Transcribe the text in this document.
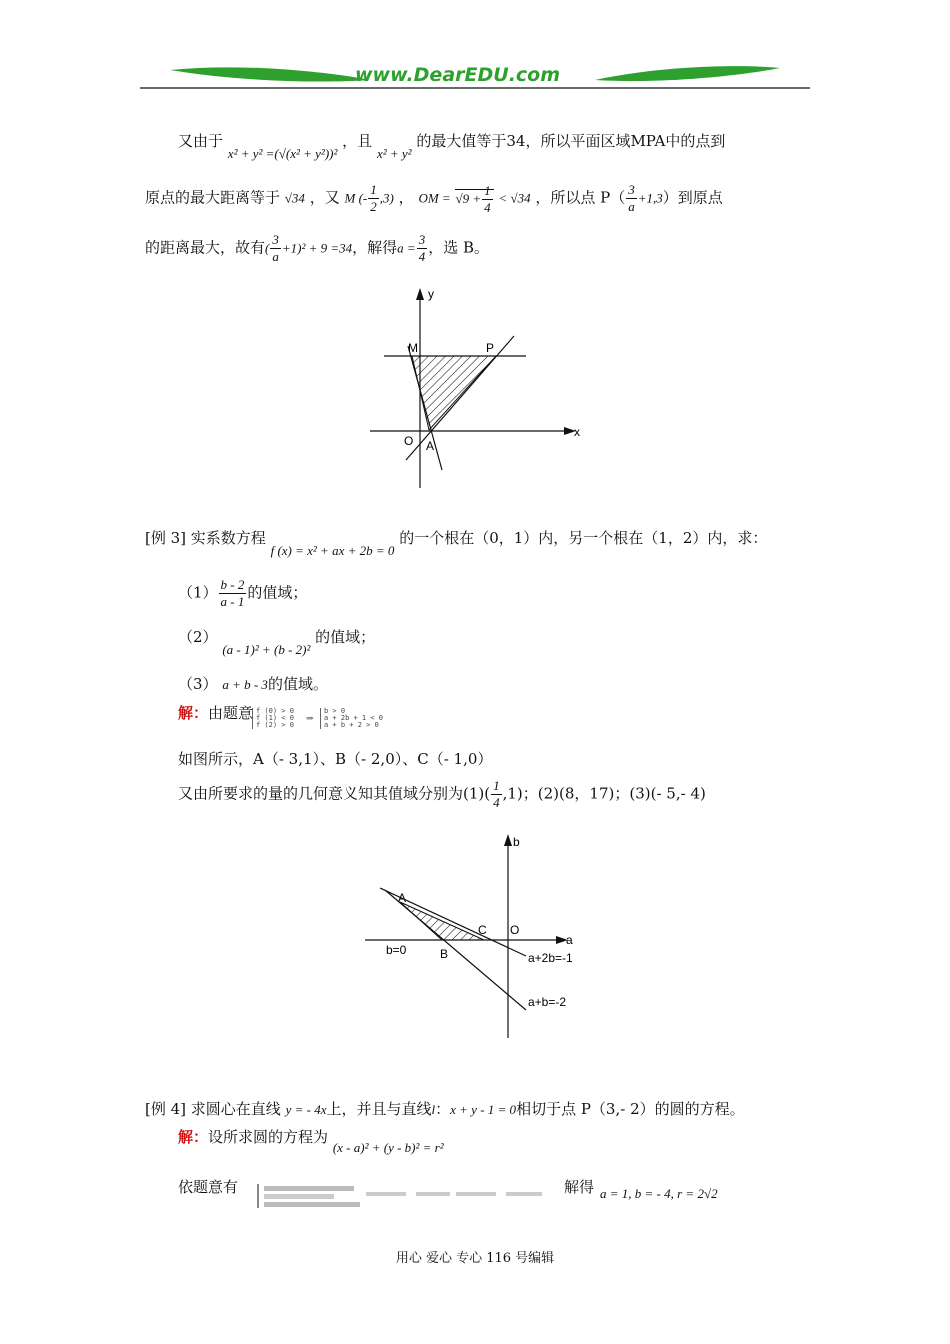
www.DearEDU.com
又由于 x² + y² =(√(x² + y²))² ，且 x² + y² 的最大值等于34，所以平面区域MPA中的点到
原点的最大距离等于 √34 ，又 M (- $\frac{1}{2} ,3$) ， OM = $√9 + \frac{1}{4} < √34$ ，所以点 $P( \frac{3}{a} +1,3)$到原点
的距离最大，故有( $\frac{3}{a} +1)^2 + 9 =34$，解得$a = \frac{3}{4}$ ，选 B。
y
x
O A
M	P
[例 3] 实系数方程 f (x) = x² + ax + 2b = 0 的一个根在（0，1）内，另一个根在（1，2）内，求：
$(1) \frac{b - 2}{a - 1}$ 的值域；
（2） (a - 1)² + (b - 2)² 的值域；
（3） a + b - 3的值域。
解：由题意 f (0) > 0
f (1) < 0
f (2) > 0
⇒
b > 0
a + 2b + 1 < 0
a + b + 2 > 0
如图所示，A（- 3,1）、B（- 2,0）、C（- 1,0）
又由所要求的量的几何意义知其值域分别为$(1)( \frac{1}{4} ,1)$；(2)(8，17)；(3)(- 5,- 4)
b
a
A
B
C O
b=0
a+2b=-1
a+b=-2
[例 4] 求圆心在直线 y = - 4x上，并且与直线l：x + y - 1 = 0相切于点 P（3,- 2）的圆的方程。
解：设所求圆的方程为 (x - a)² + (y - b)² = r²
依题意有	解得 a = 1, b = - 4, r = 2√2
用心 爱心 专心 116 号编辑
